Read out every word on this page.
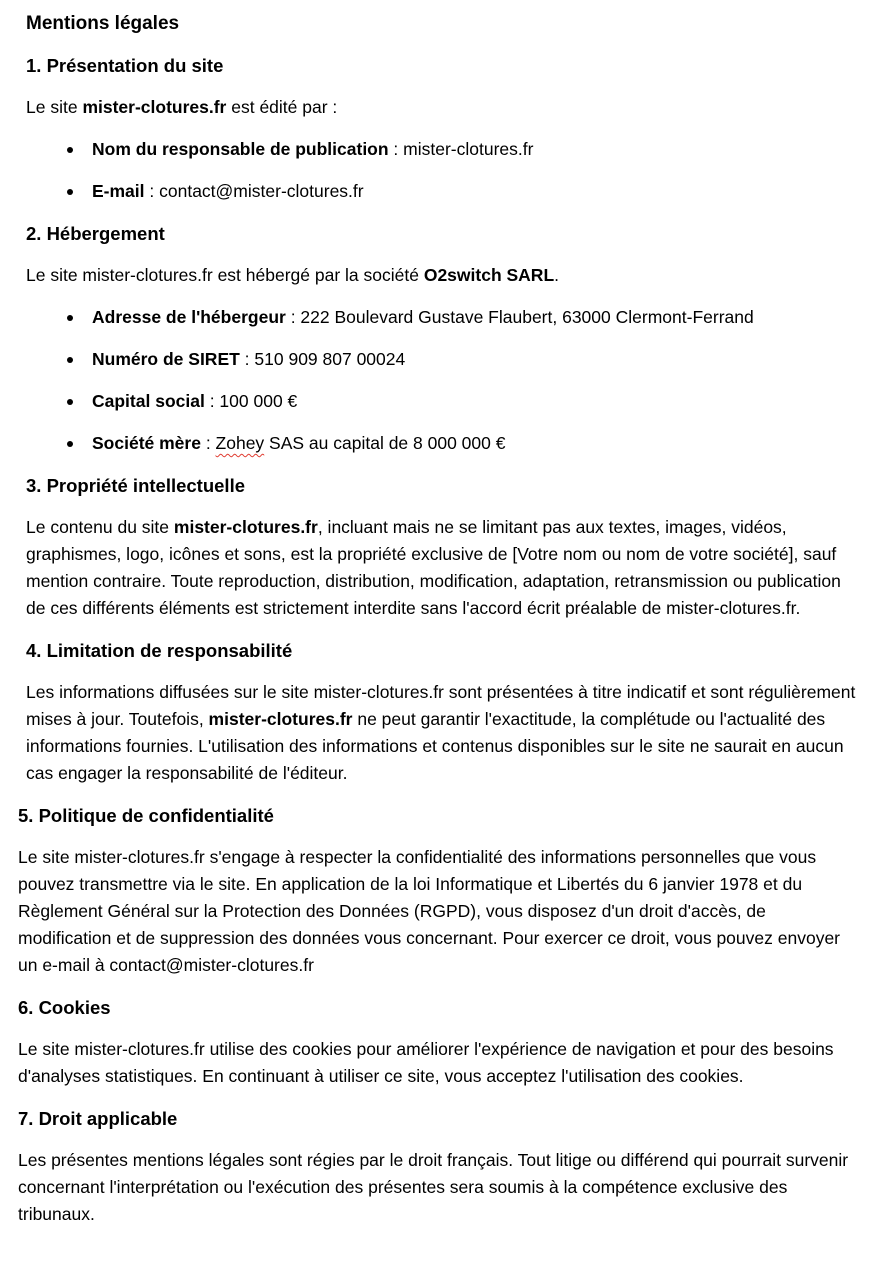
Mentions légales
1. Présentation du site

Le site mister-clotures.fr est édité par :

Nom du responsable de publication : mister-clotures.fr
E-mail : contact@mister-clotures.fr
2. Hébergement

Le site mister-clotures.fr est hébergé par la société O2switch SARL.

Adresse de l'hébergeur : 222 Boulevard Gustave Flaubert, 63000 Clermont-Ferrand
Numéro de SIRET : 510 909 807 00024
Capital social : 100 000 €
Société mère : Zohey SAS au capital de 8 000 000 €
3. Propriété intellectuelle

Le contenu du site mister-clotures.fr, incluant mais ne se limitant pas aux textes, images, vidéos, graphismes, logo, icônes et sons, est la propriété exclusive de [Votre nom ou nom de votre société], sauf mention contraire. Toute reproduction, distribution, modification, adaptation, retransmission ou publication de ces différents éléments est strictement interdite sans l'accord écrit préalable de mister-clotures.fr.

4. Limitation de responsabilité

Les informations diffusées sur le site mister-clotures.fr sont présentées à titre indicatif et sont régulièrement mises à jour. Toutefois, mister-clotures.fr ne peut garantir l'exactitude, la complétude ou l'actualité des informations fournies. L'utilisation des informations et contenus disponibles sur le site ne saurait en aucun cas engager la responsabilité de l'éditeur.

5. Politique de confidentialité

Le site mister-clotures.fr s'engage à respecter la confidentialité des informations personnelles que vous pouvez transmettre via le site. En application de la loi Informatique et Libertés du 6 janvier 1978 et du Règlement Général sur la Protection des Données (RGPD), vous disposez d'un droit d'accès, de modification et de suppression des données vous concernant. Pour exercer ce droit, vous pouvez envoyer un e-mail à contact@mister-clotures.fr

6. Cookies

Le site mister-clotures.fr utilise des cookies pour améliorer l'expérience de navigation et pour des besoins d'analyses statistiques. En continuant à utiliser ce site, vous acceptez l'utilisation des cookies.

7. Droit applicable

Les présentes mentions légales sont régies par le droit français. Tout litige ou différend qui pourrait survenir concernant l'interprétation ou l'exécution des présentes sera soumis à la compétence exclusive des tribunaux.
